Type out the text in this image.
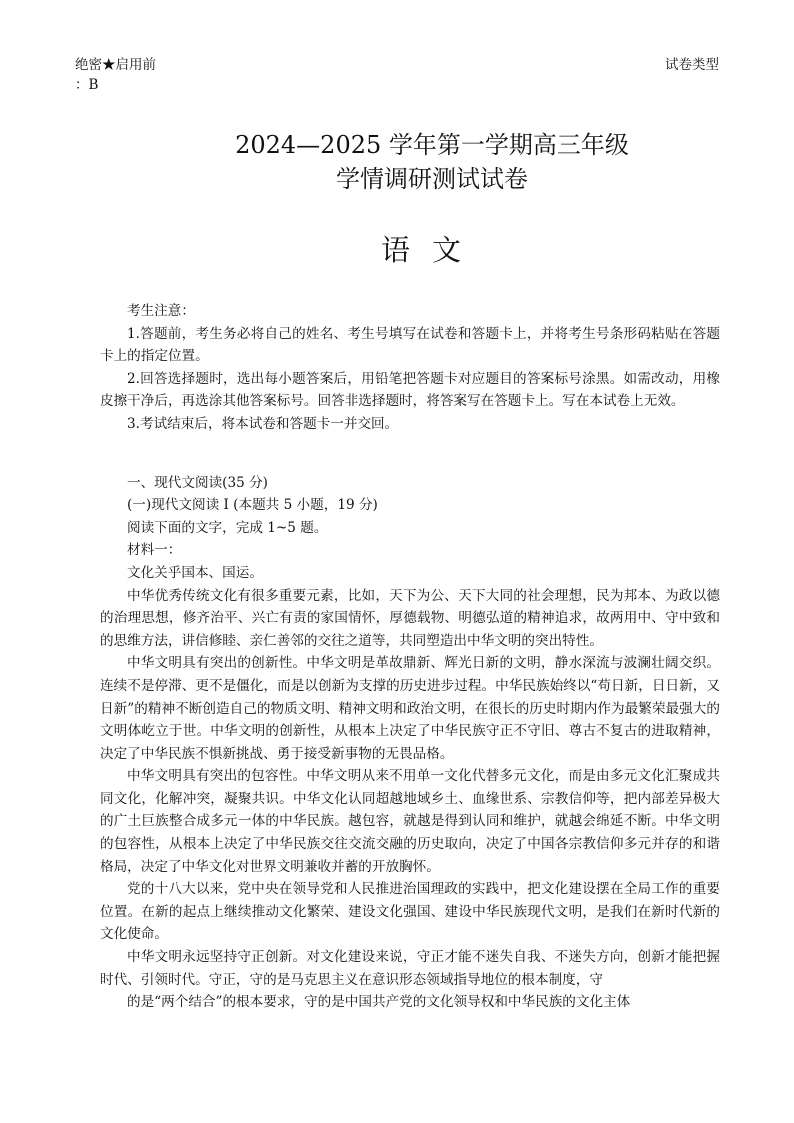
绝密★启用前
：B
试卷类型
2024—2025 学年第一学期高三年级
学情调研测试试卷
语文

考生注意：

1.答题前，考生务必将自己的姓名、考生号填写在试卷和答题卡上，并将考生号条形码粘贴在答题卡上的指定位置。

2.回答选择题时，选出每小题答案后，用铅笔把答题卡对应题目的答案标号涂黑。如需改动，用橡皮擦干净后，再选涂其他答案标号。回答非选择题时，将答案写在答题卡上。写在本试卷上无效。

3.考试结束后，将本试卷和答题卡一并交回。

一、现代文阅读(35 分)

(一)现代文阅读 I (本题共 5 小题，19 分)

阅读下面的文字，完成 1~5 题。

材料一：

文化关乎国本、国运。

中华优秀传统文化有很多重要元素，比如，天下为公、天下大同的社会理想，民为邦本、为政以德的治理思想，修齐治平、兴亡有责的家国情怀，厚德载物、明德弘道的精神追求，故两用中、守中致和的思维方法，讲信修睦、亲仁善邻的交往之道等，共同塑造出中华文明的突出特性。

中华文明具有突出的创新性。中华文明是革故鼎新、辉光日新的文明，静水深流与波澜壮阔交织。连续不是停滞、更不是僵化，而是以创新为支撑的历史进步过程。中华民族始终以“苟日新，日日新，又日新”的精神不断创造自己的物质文明、精神文明和政治文明，在很长的历史时期内作为最繁荣最强大的文明体屹立于世。中华文明的创新性，从根本上决定了中华民族守正不守旧、尊古不复古的进取精神，决定了中华民族不惧新挑战、勇于接受新事物的无畏品格。

中华文明具有突出的包容性。中华文明从来不用单一文化代替多元文化，而是由多元文化汇聚成共同文化，化解冲突，凝聚共识。中华文化认同超越地域乡土、血缘世系、宗教信仰等，把内部差异极大的广土巨族整合成多元一体的中华民族。越包容，就越是得到认同和维护，就越会绵延不断。中华文明的包容性，从根本上决定了中华民族交往交流交融的历史取向，决定了中国各宗教信仰多元并存的和谐格局，决定了中华文化对世界文明兼收并蓄的开放胸怀。

党的十八大以来，党中央在领导党和人民推进治国理政的实践中，把文化建设摆在全局工作的重要位置。在新的起点上继续推动文化繁荣、建设文化强国、建设中华民族现代文明，是我们在新时代新的文化使命。

中华文明永远坚持守正创新。对文化建设来说，守正才能不迷失自我、不迷失方向，创新才能把握时代、引领时代。守正，守的是马克思主义在意识形态领域指导地位的根本制度，守

的是“两个结合”的根本要求，守的是中国共产党的文化领导权和中华民族的文化主体
